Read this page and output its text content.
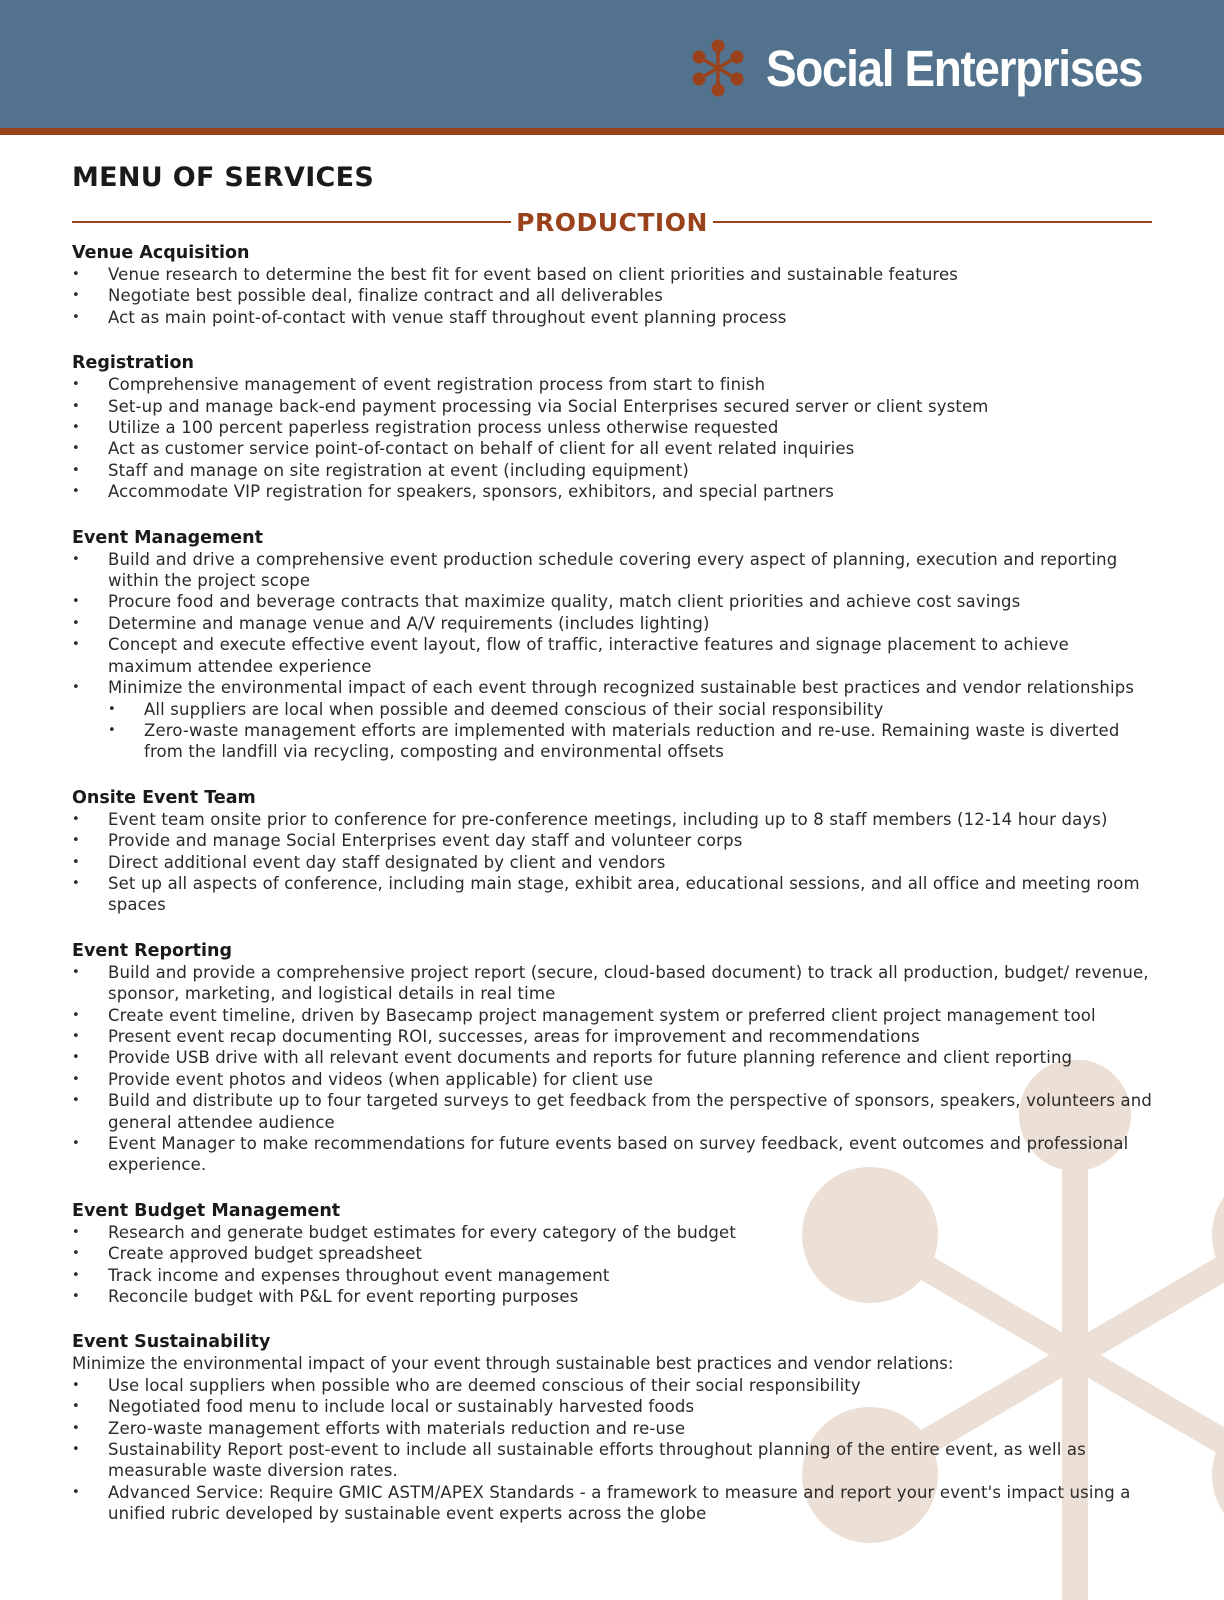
Social Enterprises
MENU OF SERVICES
PRODUCTION
Venue Acquisition
• Venue research to determine the best fit for event based on client priorities and sustainable features
• Negotiate best possible deal, finalize contract and all deliverables
• Act as main point-of-contact with venue staff throughout event planning process
Registration
• Comprehensive management of event registration process from start to finish
• Set-up and manage back-end payment processing via Social Enterprises secured server or client system
• Utilize a 100 percent paperless registration process unless otherwise requested
• Act as customer service point-of-contact on behalf of client for all event related inquiries
• Staff and manage on site registration at event (including equipment)
• Accommodate VIP registration for speakers, sponsors, exhibitors, and special partners
Event Management
• Build and drive a comprehensive event production schedule covering every aspect of planning, execution and reporting within the project scope
• Procure food and beverage contracts that maximize quality, match client priorities and achieve cost savings
• Determine and manage venue and A/V requirements (includes lighting)
• Concept and execute effective event layout, flow of traffic, interactive features and signage placement to achieve maximum attendee experience
• Minimize the environmental impact of each event through recognized sustainable best practices and vendor relationships
• All suppliers are local when possible and deemed conscious of their social responsibility
• Zero-waste management efforts are implemented with materials reduction and re-use. Remaining waste is diverted from the landfill via recycling, composting and environmental offsets
Onsite Event Team
• Event team onsite prior to conference for pre-conference meetings, including up to 8 staff members (12-14 hour days)
• Provide and manage Social Enterprises event day staff and volunteer corps
• Direct additional event day staff designated by client and vendors
• Set up all aspects of conference, including main stage, exhibit area, educational sessions, and all office and meeting room spaces
Event Reporting
• Build and provide a comprehensive project report (secure, cloud-based document) to track all production, budget/ revenue, sponsor, marketing, and logistical details in real time
• Create event timeline, driven by Basecamp project management system or preferred client project management tool
• Present event recap documenting ROI, successes, areas for improvement and recommendations
• Provide USB drive with all relevant event documents and reports for future planning reference and client reporting
• Provide event photos and videos (when applicable) for client use
• Build and distribute up to four targeted surveys to get feedback from the perspective of sponsors, speakers, volunteers and general attendee audience
• Event Manager to make recommendations for future events based on survey feedback, event outcomes and professional experience.
Event Budget Management
• Research and generate budget estimates for every category of the budget
• Create approved budget spreadsheet
• Track income and expenses throughout event management
• Reconcile budget with P&L for event reporting purposes
Event Sustainability

Minimize the environmental impact of your event through sustainable best practices and vendor relations:

• Use local suppliers when possible who are deemed conscious of their social responsibility
• Negotiated food menu to include local or sustainably harvested foods
• Zero-waste management efforts with materials reduction and re-use
• Sustainability Report post-event to include all sustainable efforts throughout planning of the entire event, as well as measurable waste diversion rates.
• Advanced Service: Require GMIC ASTM/APEX Standards - a framework to measure and report your event's impact using a unified rubric developed by sustainable event experts across the globe
